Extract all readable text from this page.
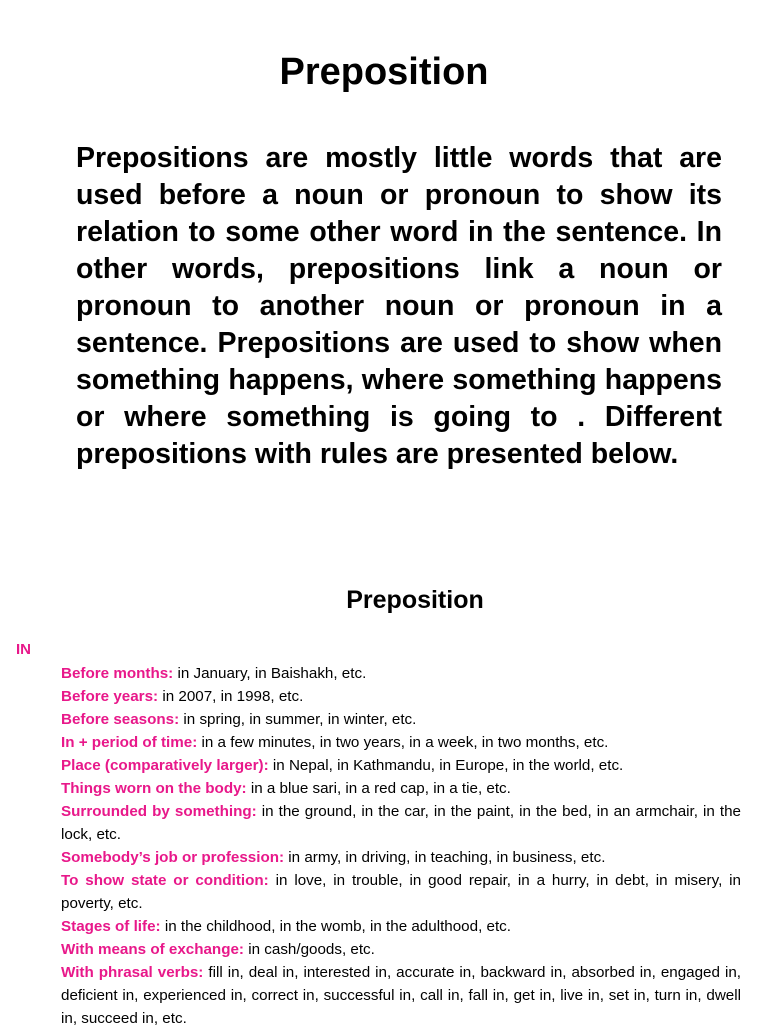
Preposition

Prepositions are mostly little words that are used before a noun or pronoun to show its relation to some other word in the sentence. In other words, prepositions link a noun or pronoun to another noun or pronoun in a sentence. Prepositions are used to show when something happens, where something happens or where something is going to . Different prepositions with rules are presented below.

Preposition
IN
Before months: in January, in Baishakh, etc.
Before years: in 2007, in 1998, etc.
Before seasons: in spring, in summer, in winter, etc.
In + period of time: in a few minutes, in two years, in a week, in two months, etc.
Place (comparatively larger): in Nepal, in Kathmandu, in Europe, in the world, etc.
Things worn on the body: in a blue sari, in a red cap, in a tie, etc.
Surrounded by something: in the ground, in the car, in the paint, in the bed, in an armchair, in the lock, etc.
Somebody’s job or profession: in army, in driving, in teaching, in business, etc.
To show state or condition: in love, in trouble, in good repair, in a hurry, in debt, in misery, in poverty, etc.
Stages of life: in the childhood, in the womb, in the adulthood, etc.
With means of exchange: in cash/goods, etc.
With phrasal verbs: fill in, deal in, interested in, accurate in, backward in, absorbed in, engaged in, deficient in, experienced in, correct in, successful in, call in, fall in, get in, live in, set in, turn in, dwell in, succeed in, etc.
